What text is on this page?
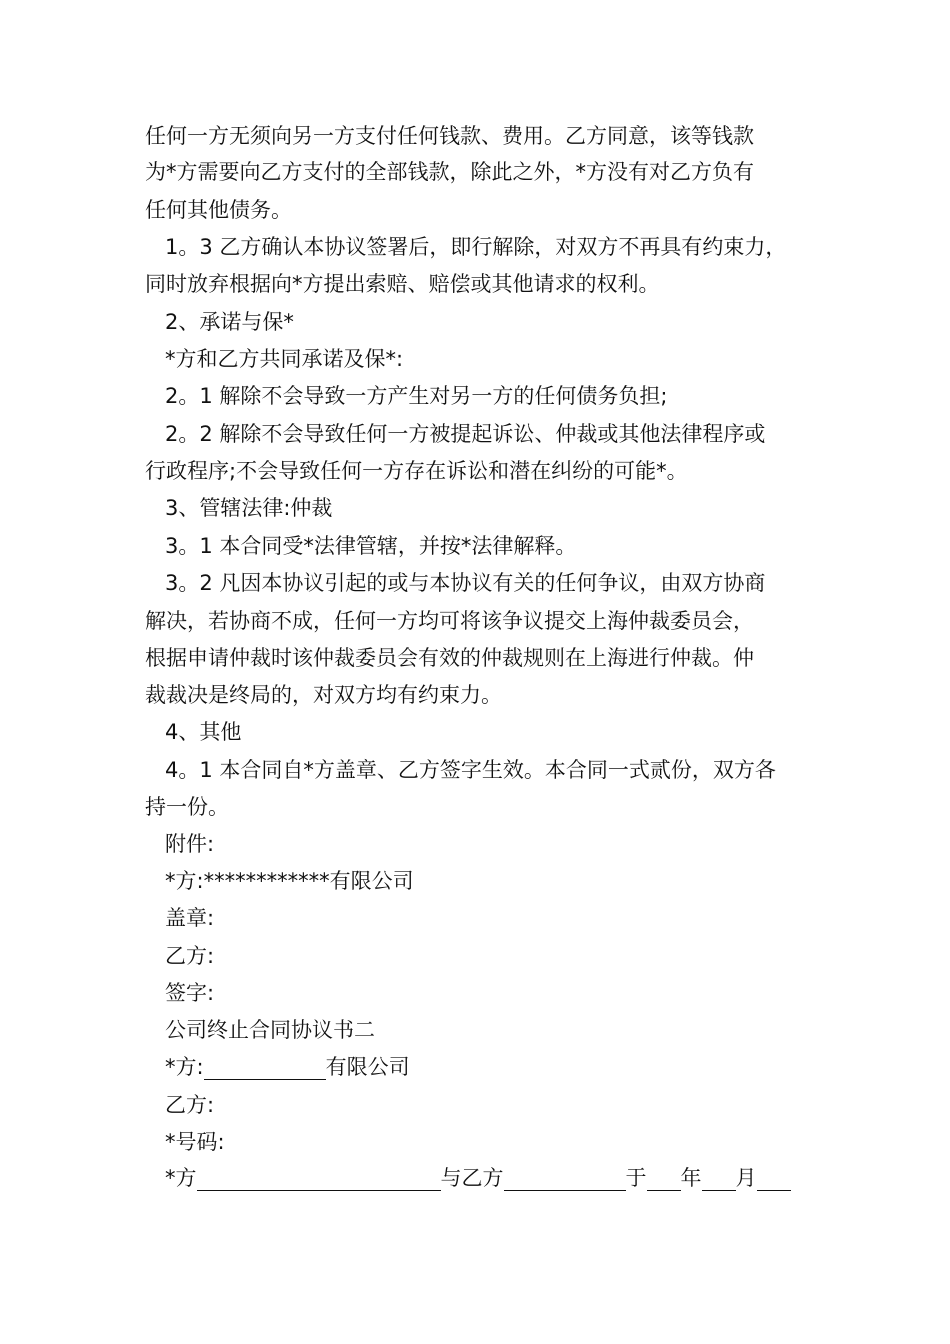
任何一方无须向另一方支付任何钱款、费用。乙方同意，该等钱款
为*方需要向乙方支付的全部钱款，除此之外，*方没有对乙方负有
任何其他债务。
1。3 乙方确认本协议签署后，即行解除，对双方不再具有约束力，
同时放弃根据向*方提出索赔、赔偿或其他请求的权利。
2、承诺与保*
*方和乙方共同承诺及保*:
2。1 解除不会导致一方产生对另一方的任何债务负担;
2。2 解除不会导致任何一方被提起诉讼、仲裁或其他法律程序或
行政程序;不会导致任何一方存在诉讼和潜在纠纷的可能*。
3、管辖法律:仲裁
3。1 本合同受*法律管辖，并按*法律解释。
3。2 凡因本协议引起的或与本协议有关的任何争议，由双方协商
解决，若协商不成，任何一方均可将该争议提交上海仲裁委员会，
根据申请仲裁时该仲裁委员会有效的仲裁规则在上海进行仲裁。仲
裁裁决是终局的，对双方均有约束力。
4、其他
4。1 本合同自*方盖章、乙方签字生效。本合同一式贰份，双方各
持一份。
附件:
*方:************有限公司
盖章:
乙方:
签字:
公司终止合同协议书二
*方:	有限公司
乙方:
*号码:
*方	与乙方	于 年 月
